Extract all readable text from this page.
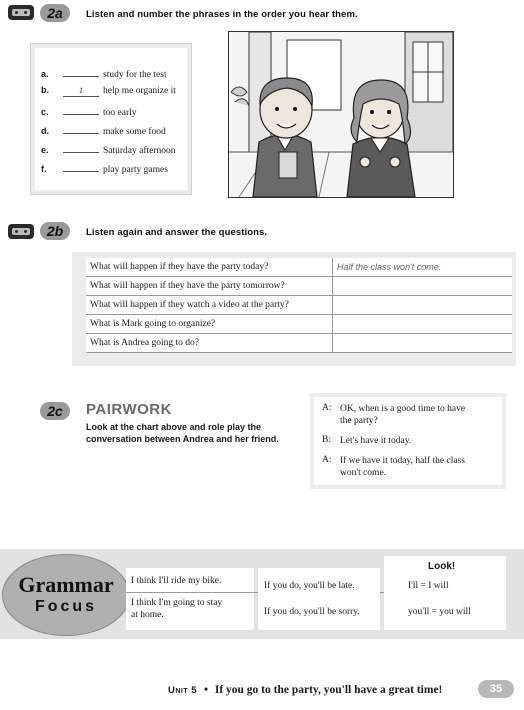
2a	Listen and number the phrases in the order you hear them.
a.	study for the test
b.	1	help me organize it
c.	too early
d.	make some food
e.	Saturday afternoon
f.	play party games
2b	Listen again and answer the questions.
What will happen if they have the party today?	Half the class won't come.
What will happen if they have the party tomorrow?	
What will happen if they watch a video at the party?	
What is Mark going to organize?	
What is Andrea going to do?	
2c	PAIRWORK
Look at the chart above and role play the conversation between Andrea and her friend.
A: OK, when is a good time to have
the party?
B: Let's have it today.
A: If we have it today, half the class
won't come.
Grammar
Focus
I think I'll ride my bike.
I think I'm going to stay
at home.
If you do, you'll be late.
If you do, you'll be sorry.
Look!
I'll = I will
you'll = you will
Unit 5 • If you go to the party, you'll have a great time!	35
